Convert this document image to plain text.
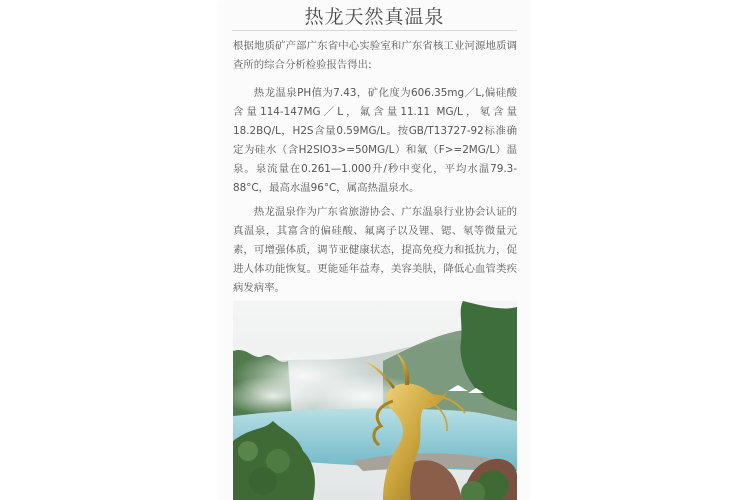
热龙天然真温泉
根据地质矿产部广东省中心实验室和广东省核工业河源地质调查所的综合分析检验报告得出:
热龙温泉PH值为7.43，矿化度为606.35mg／L,偏硅酸含量114-147MG／L，氟含量11.11 MG/L，氡含量18.2BQ/L，H2S含量0.59MG/L。按GB/T13727-92标准确定为硅水（含H2SIO3>=50MG/L）和氟（F>=2MG/L）温泉。泉流量在0.261—1.000升/秒中变化，平均水温79.3-88°C，最高水温96°C，属高热温泉水。
热龙温泉作为广东省旅游协会、广东温泉行业协会认证的真温泉，其富含的偏硅酸、氟离子以及锂、锶、氡等微量元素，可增强体质，调节亚健康状态，提高免疫力和抵抗力，促进人体功能恢复。更能延年益寿，美容美肤，降低心血管类疾病发病率。
